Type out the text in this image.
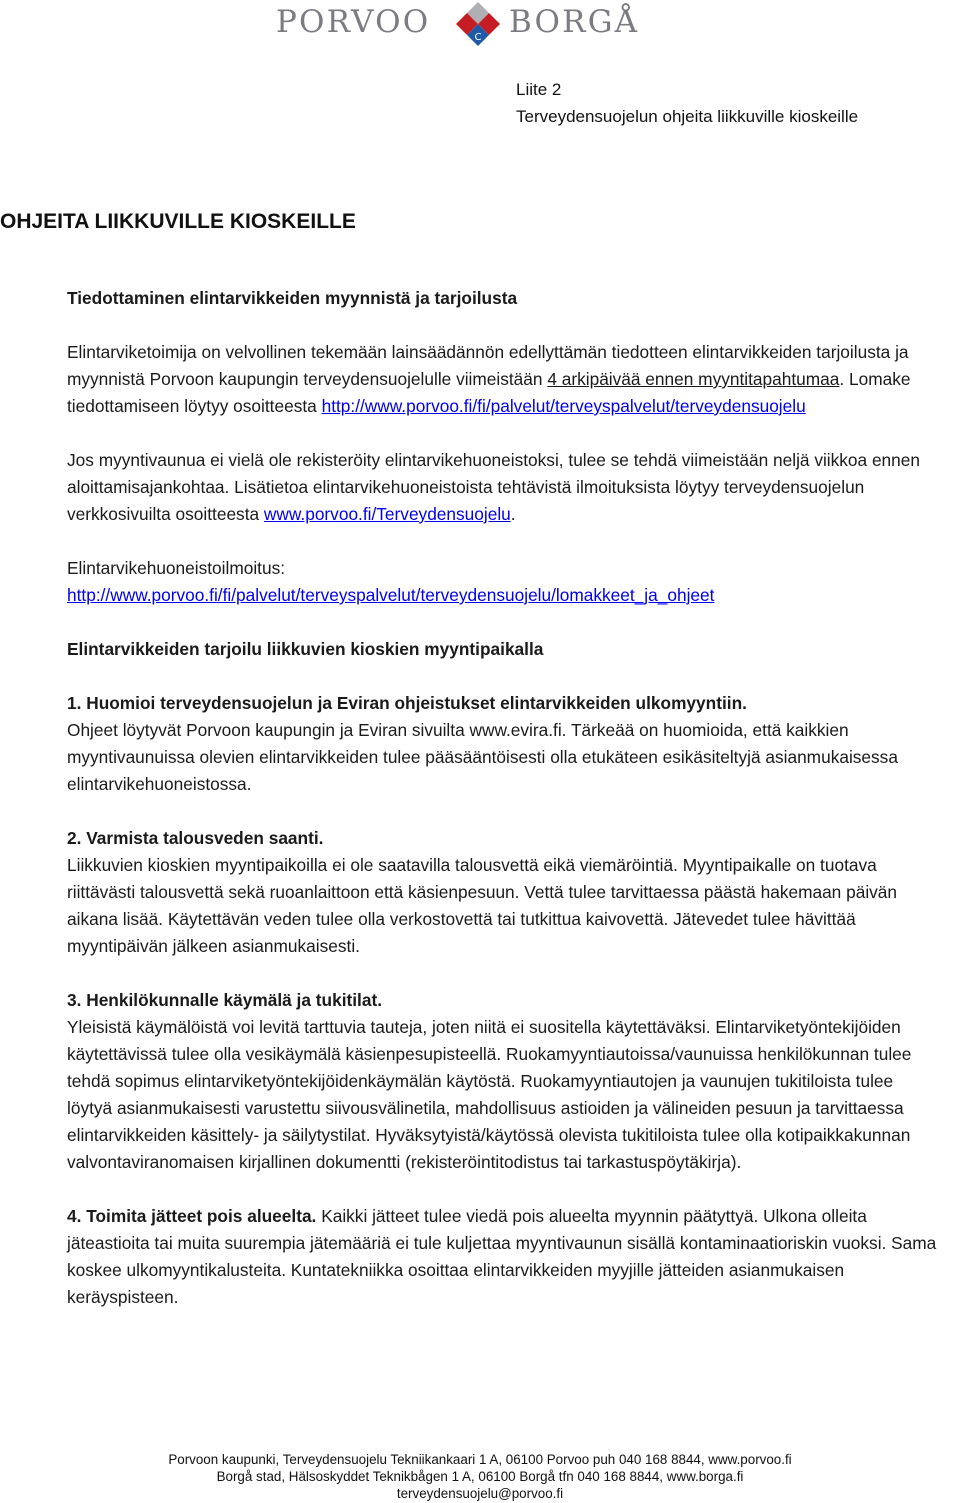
PORVOO	C BORGÅ
Liite 2
Terveydensuojelun ohjeita liikkuville kioskeille
OHJEITA LIIKKUVILLE KIOSKEILLE

Tiedottaminen elintarvikkeiden myynnistä ja tarjoilusta

Elintarviketoimija on velvollinen tekemään lainsäädännön edellyttämän tiedotteen elintarvikkeiden tarjoilusta ja myynnistä Porvoon kaupungin terveydensuojelulle viimeistään 4 arkipäivää ennen myyntitapahtumaa. Lomake tiedottamiseen löytyy osoitteesta http://www.porvoo.fi/fi/palvelut/terveyspalvelut/terveydensuojelu

Jos myyntivaunua ei vielä ole rekisteröity elintarvikehuoneistoksi, tulee se tehdä viimeistään neljä viikkoa ennen aloittamisajankohtaa. Lisätietoa elintarvikehuoneistoista tehtävistä ilmoituksista löytyy terveydensuojelun verkkosivuilta osoitteesta www.porvoo.fi/Terveydensuojelu.

Elintarvikehuoneistoilmoitus:
http://www.porvoo.fi/fi/palvelut/terveyspalvelut/terveydensuojelu/lomakkeet_ja_ohjeet

Elintarvikkeiden tarjoilu liikkuvien kioskien myyntipaikalla

1. Huomioi terveydensuojelun ja Eviran ohjeistukset elintarvikkeiden ulkomyyntiin.
Ohjeet löytyvät Porvoon kaupungin ja Eviran sivuilta www.evira.fi. Tärkeää on huomioida, että kaikkien myyntivaunuissa olevien elintarvikkeiden tulee pääsääntöisesti olla etukäteen esikäsiteltyjä asianmukaisessa elintarvikehuoneistossa.

2. Varmista talousveden saanti.
Liikkuvien kioskien myyntipaikoilla ei ole saatavilla talousvettä eikä viemäröintiä. Myyntipaikalle on tuotava riittävästi talousvettä sekä ruoanlaittoon että käsienpesuun. Vettä tulee tarvittaessa päästä hakemaan päivän aikana lisää. Käytettävän veden tulee olla verkostovettä tai tutkittua kaivovettä. Jätevedet tulee hävittää myyntipäivän jälkeen asianmukaisesti.

3. Henkilökunnalle käymälä ja tukitilat.
Yleisistä käymälöistä voi levitä tarttuvia tauteja, joten niitä ei suositella käytettäväksi. Elintarviketyöntekijöiden käytettävissä tulee olla vesikäymälä käsienpesupisteellä. Ruokamyyntiautoissa/vaunuissa henkilökunnan tulee tehdä sopimus elintarviketyöntekijöidenkäymälän käytöstä. Ruokamyyntiautojen ja vaunujen tukitiloista tulee löytyä asianmukaisesti varustettu siivousvälinetila, mahdollisuus astioiden ja välineiden pesuun ja tarvittaessa elintarvikkeiden käsittely- ja säilytystilat. Hyväksytyistä/käytössä olevista tukitiloista tulee olla kotipaikkakunnan valvontaviranomaisen kirjallinen dokumentti (rekisteröintitodistus tai tarkastuspöytäkirja).

4. Toimita jätteet pois alueelta. Kaikki jätteet tulee viedä pois alueelta myynnin päätyttyä. Ulkona olleita jäteastioita tai muita suurempia jätemääriä ei tule kuljettaa myyntivaunun sisällä kontaminaatioriskin vuoksi. Sama koskee ulkomyyntikalusteita. Kuntatekniikka osoittaa elintarvikkeiden myyjille jätteiden asianmukaisen keräyspisteen.

Porvoon kaupunki, Terveydensuojelu Tekniikankaari 1 A, 06100 Porvoo puh 040 168 8844, www.porvoo.fi
Borgå stad, Hälsoskyddet Teknikbågen 1 A, 06100 Borgå tfn 040 168 8844, www.borga.fi
terveydensuojelu@porvoo.fi
